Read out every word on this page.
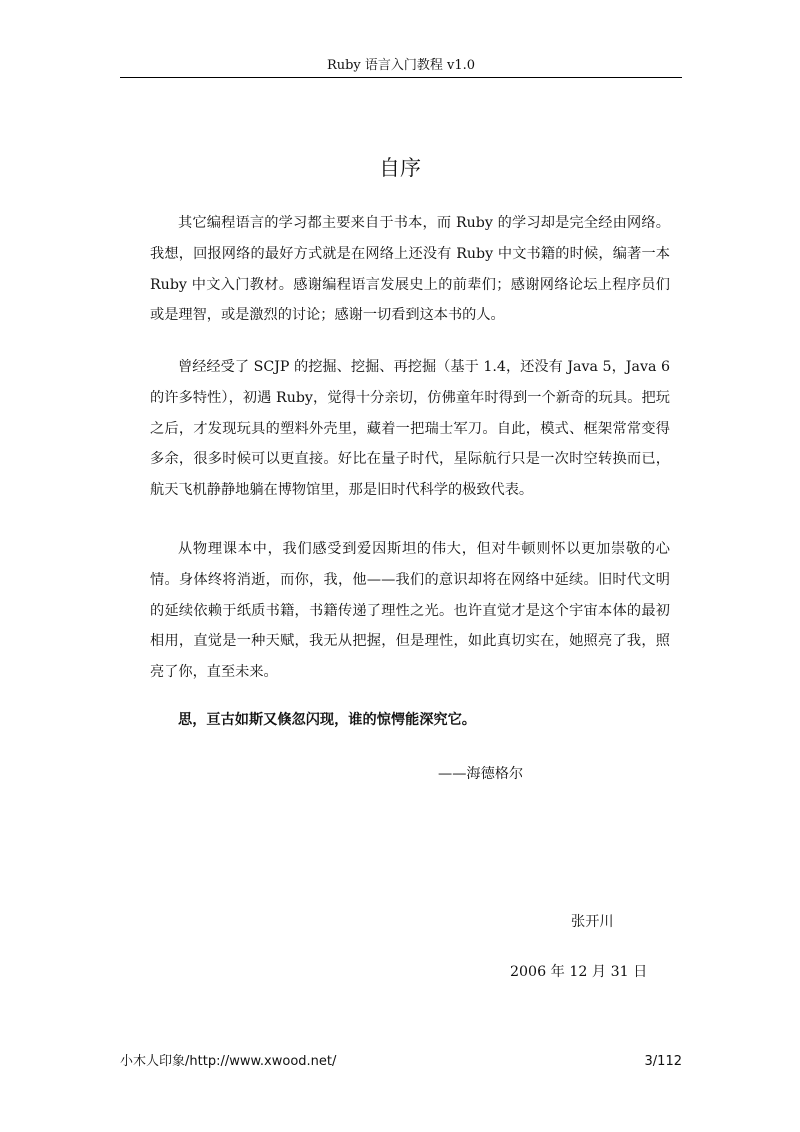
Ruby 语言入门教程 v1.0
自序

其它编程语言的学习都主要来自于书本，而 Ruby 的学习却是完全经由网络。我想，回报网络的最好方式就是在网络上还没有 Ruby 中文书籍的时候，编著一本 Ruby 中文入门教材。感谢编程语言发展史上的前辈们；感谢网络论坛上程序员们或是理智，或是激烈的讨论；感谢一切看到这本书的人。

曾经经受了 SCJP 的挖掘、挖掘、再挖掘（基于 1.4，还没有 Java 5，Java 6 的许多特性），初遇 Ruby，觉得十分亲切，仿佛童年时得到一个新奇的玩具。把玩之后，才发现玩具的塑料外壳里，藏着一把瑞士军刀。自此，模式、框架常常变得多余，很多时候可以更直接。好比在量子时代，星际航行只是一次时空转换而已，航天飞机静静地躺在博物馆里，那是旧时代科学的极致代表。

从物理课本中，我们感受到爱因斯坦的伟大，但对牛顿则怀以更加崇敬的心情。身体终将消逝，而你，我，他——我们的意识却将在网络中延续。旧时代文明的延续依赖于纸质书籍，书籍传递了理性之光。也许直觉才是这个宇宙本体的最初相用，直觉是一种天赋，我无从把握，但是理性，如此真切实在，她照亮了我，照亮了你，直至未来。

思，亘古如斯又倏忽闪现，谁的惊愕能深究它。

——海德格尔

张开川

2006 年 12 月 31 日

小木人印象/http://www.xwood.net/	3/112
